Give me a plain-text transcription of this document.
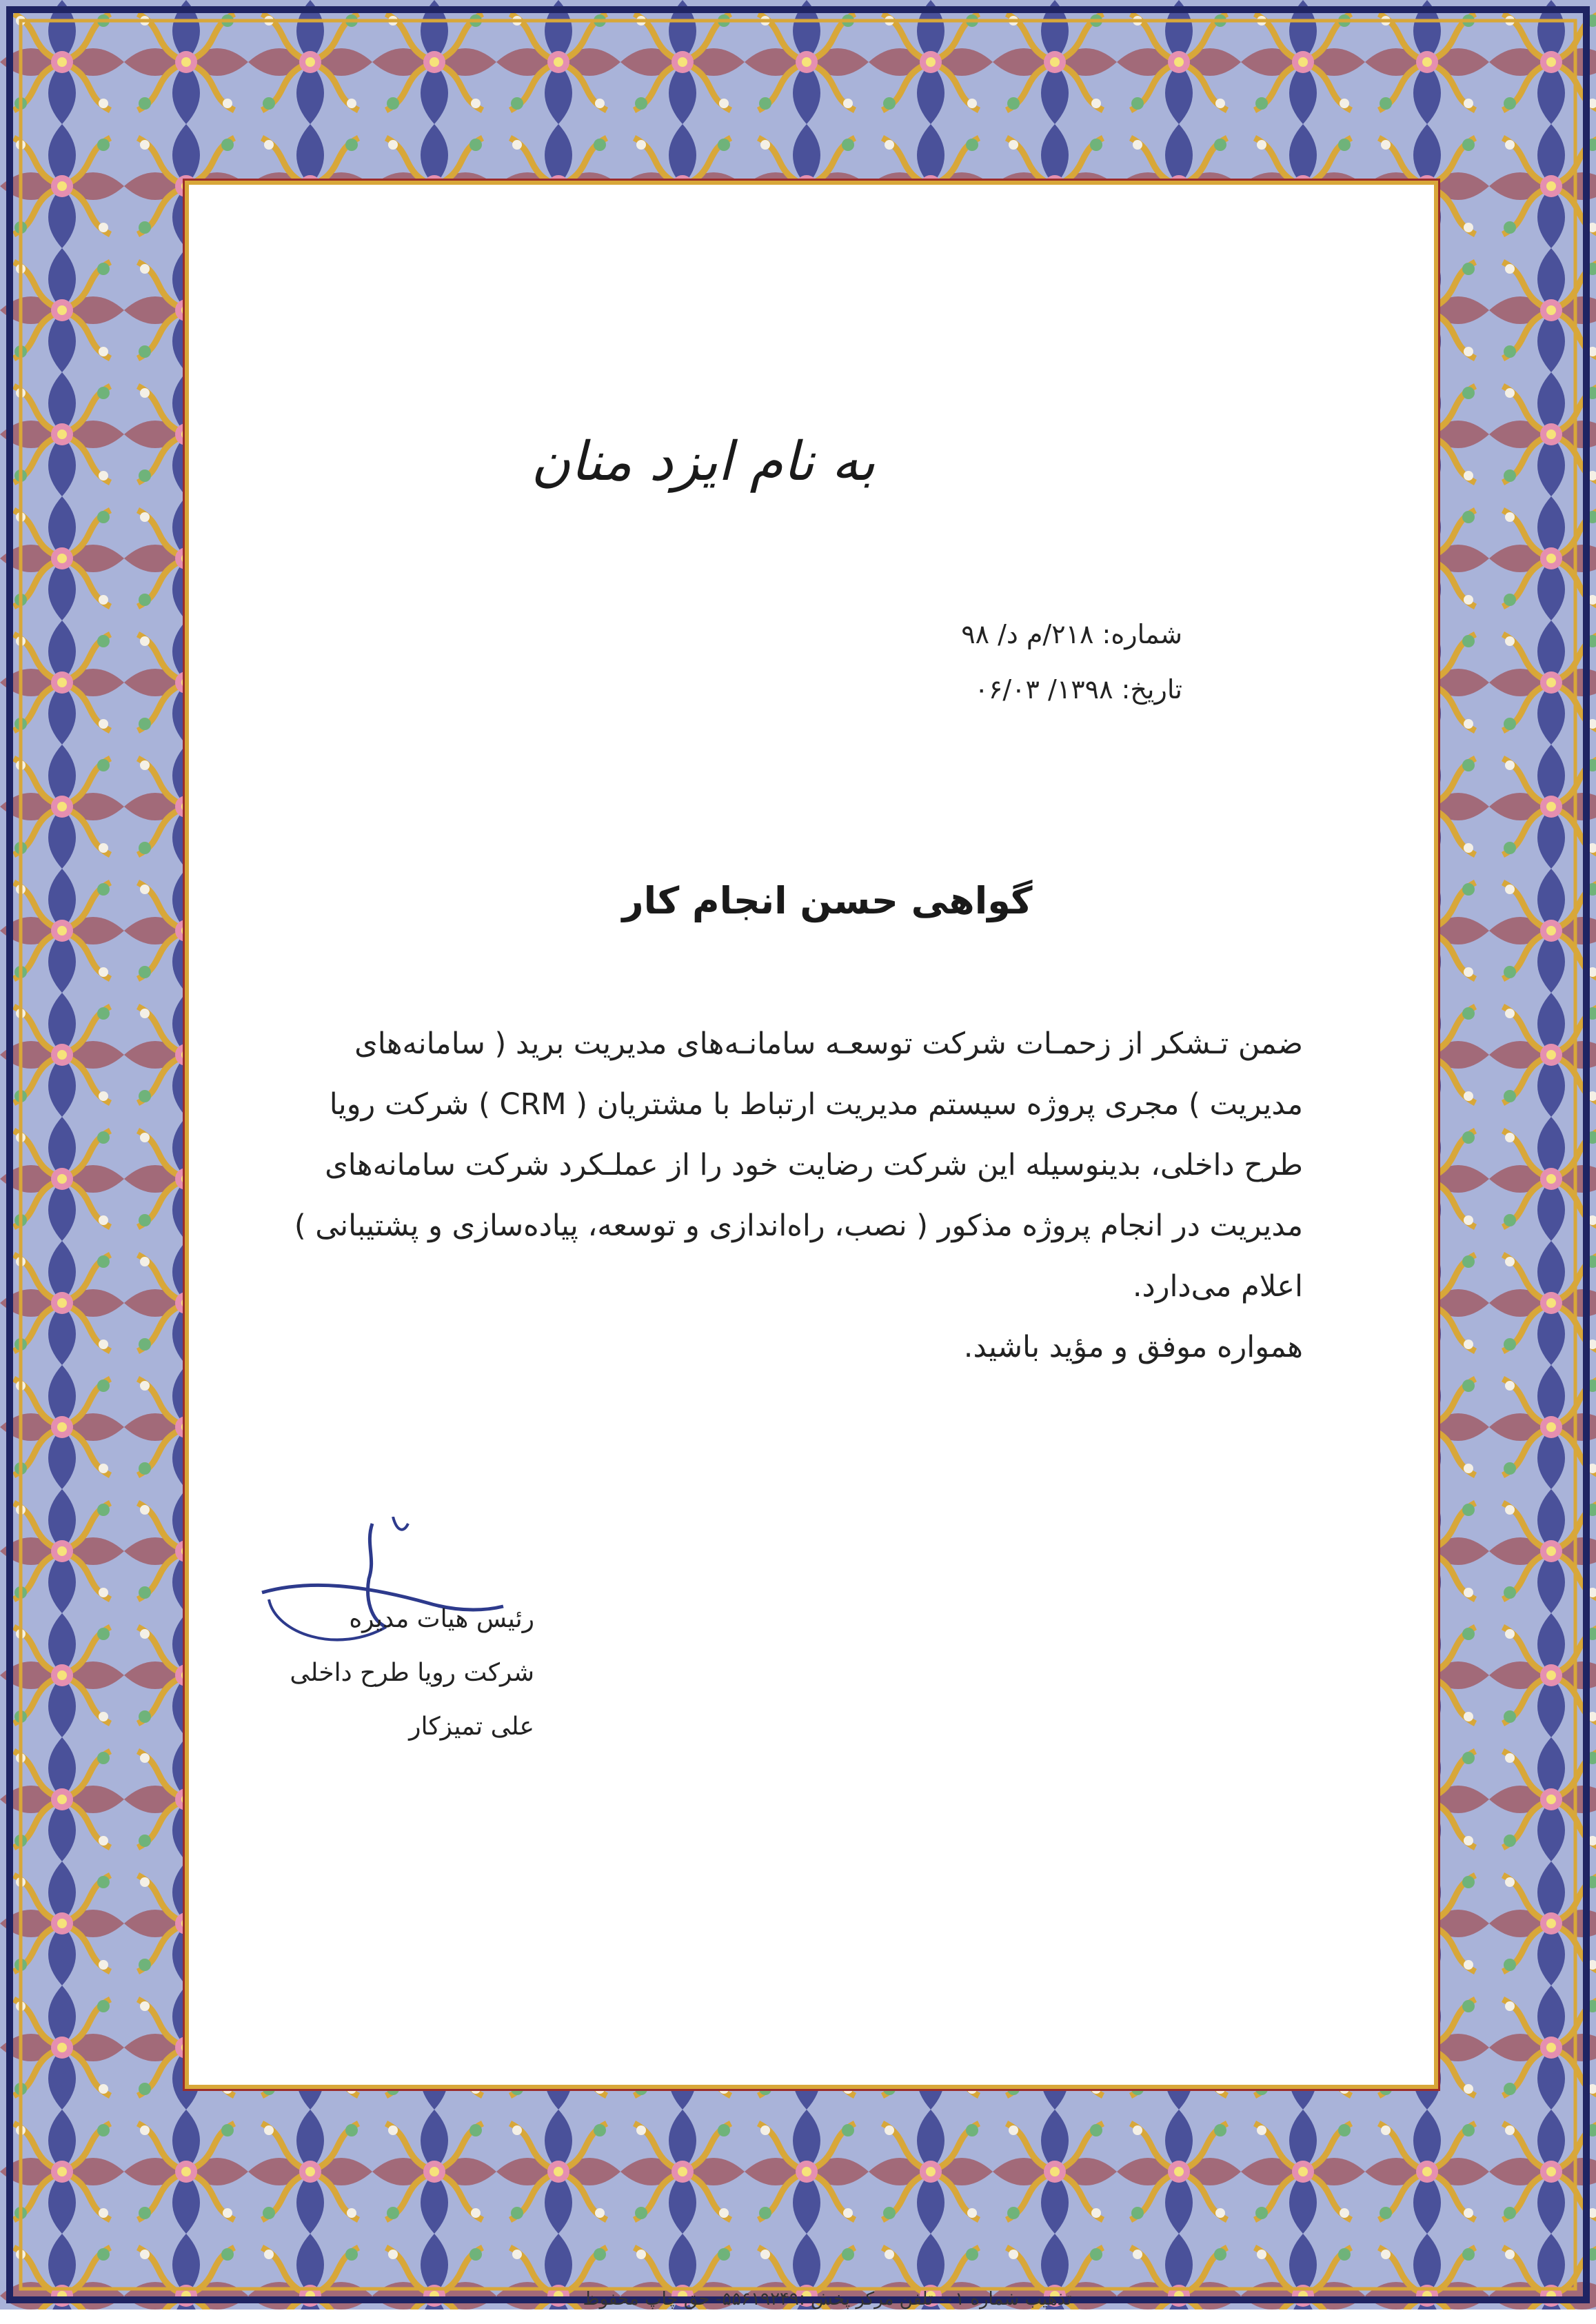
به نام ایزد منان
شماره: ۲۱۸/م د/ ۹۸
تاریخ: ۱۳۹۸/ ۰۶/۰۳
گواهی حسن انجام کار

ضمن تـشکر از زحمـات شرکت توسعـه سامانـه‌های مدیریت برید ( سامانه‌های

مدیریت ) مجری پروژه سیستم مدیریت ارتباط با مشتریان ( CRM ) شرکت رویا

طرح داخلی، بدینوسیله این شرکت رضایت خود را از عملـکرد شرکت سامانه‌های

مدیریت در انجام پروژه مذکور ( نصب، راه‌اندازی و توسعه، پیاده‌سازی و پشتیبانی )

اعلام می‌دارد.

همواره موفق و مؤید باشید.

رئیس هیات مدیره
شرکت رویا طرح داخلی
علی تمیزکار
تذهیب شماره ۰۱- تلفن مرکز پخش :۵۵۶۱۹۲۴۹- حق چاپ محفوظ
